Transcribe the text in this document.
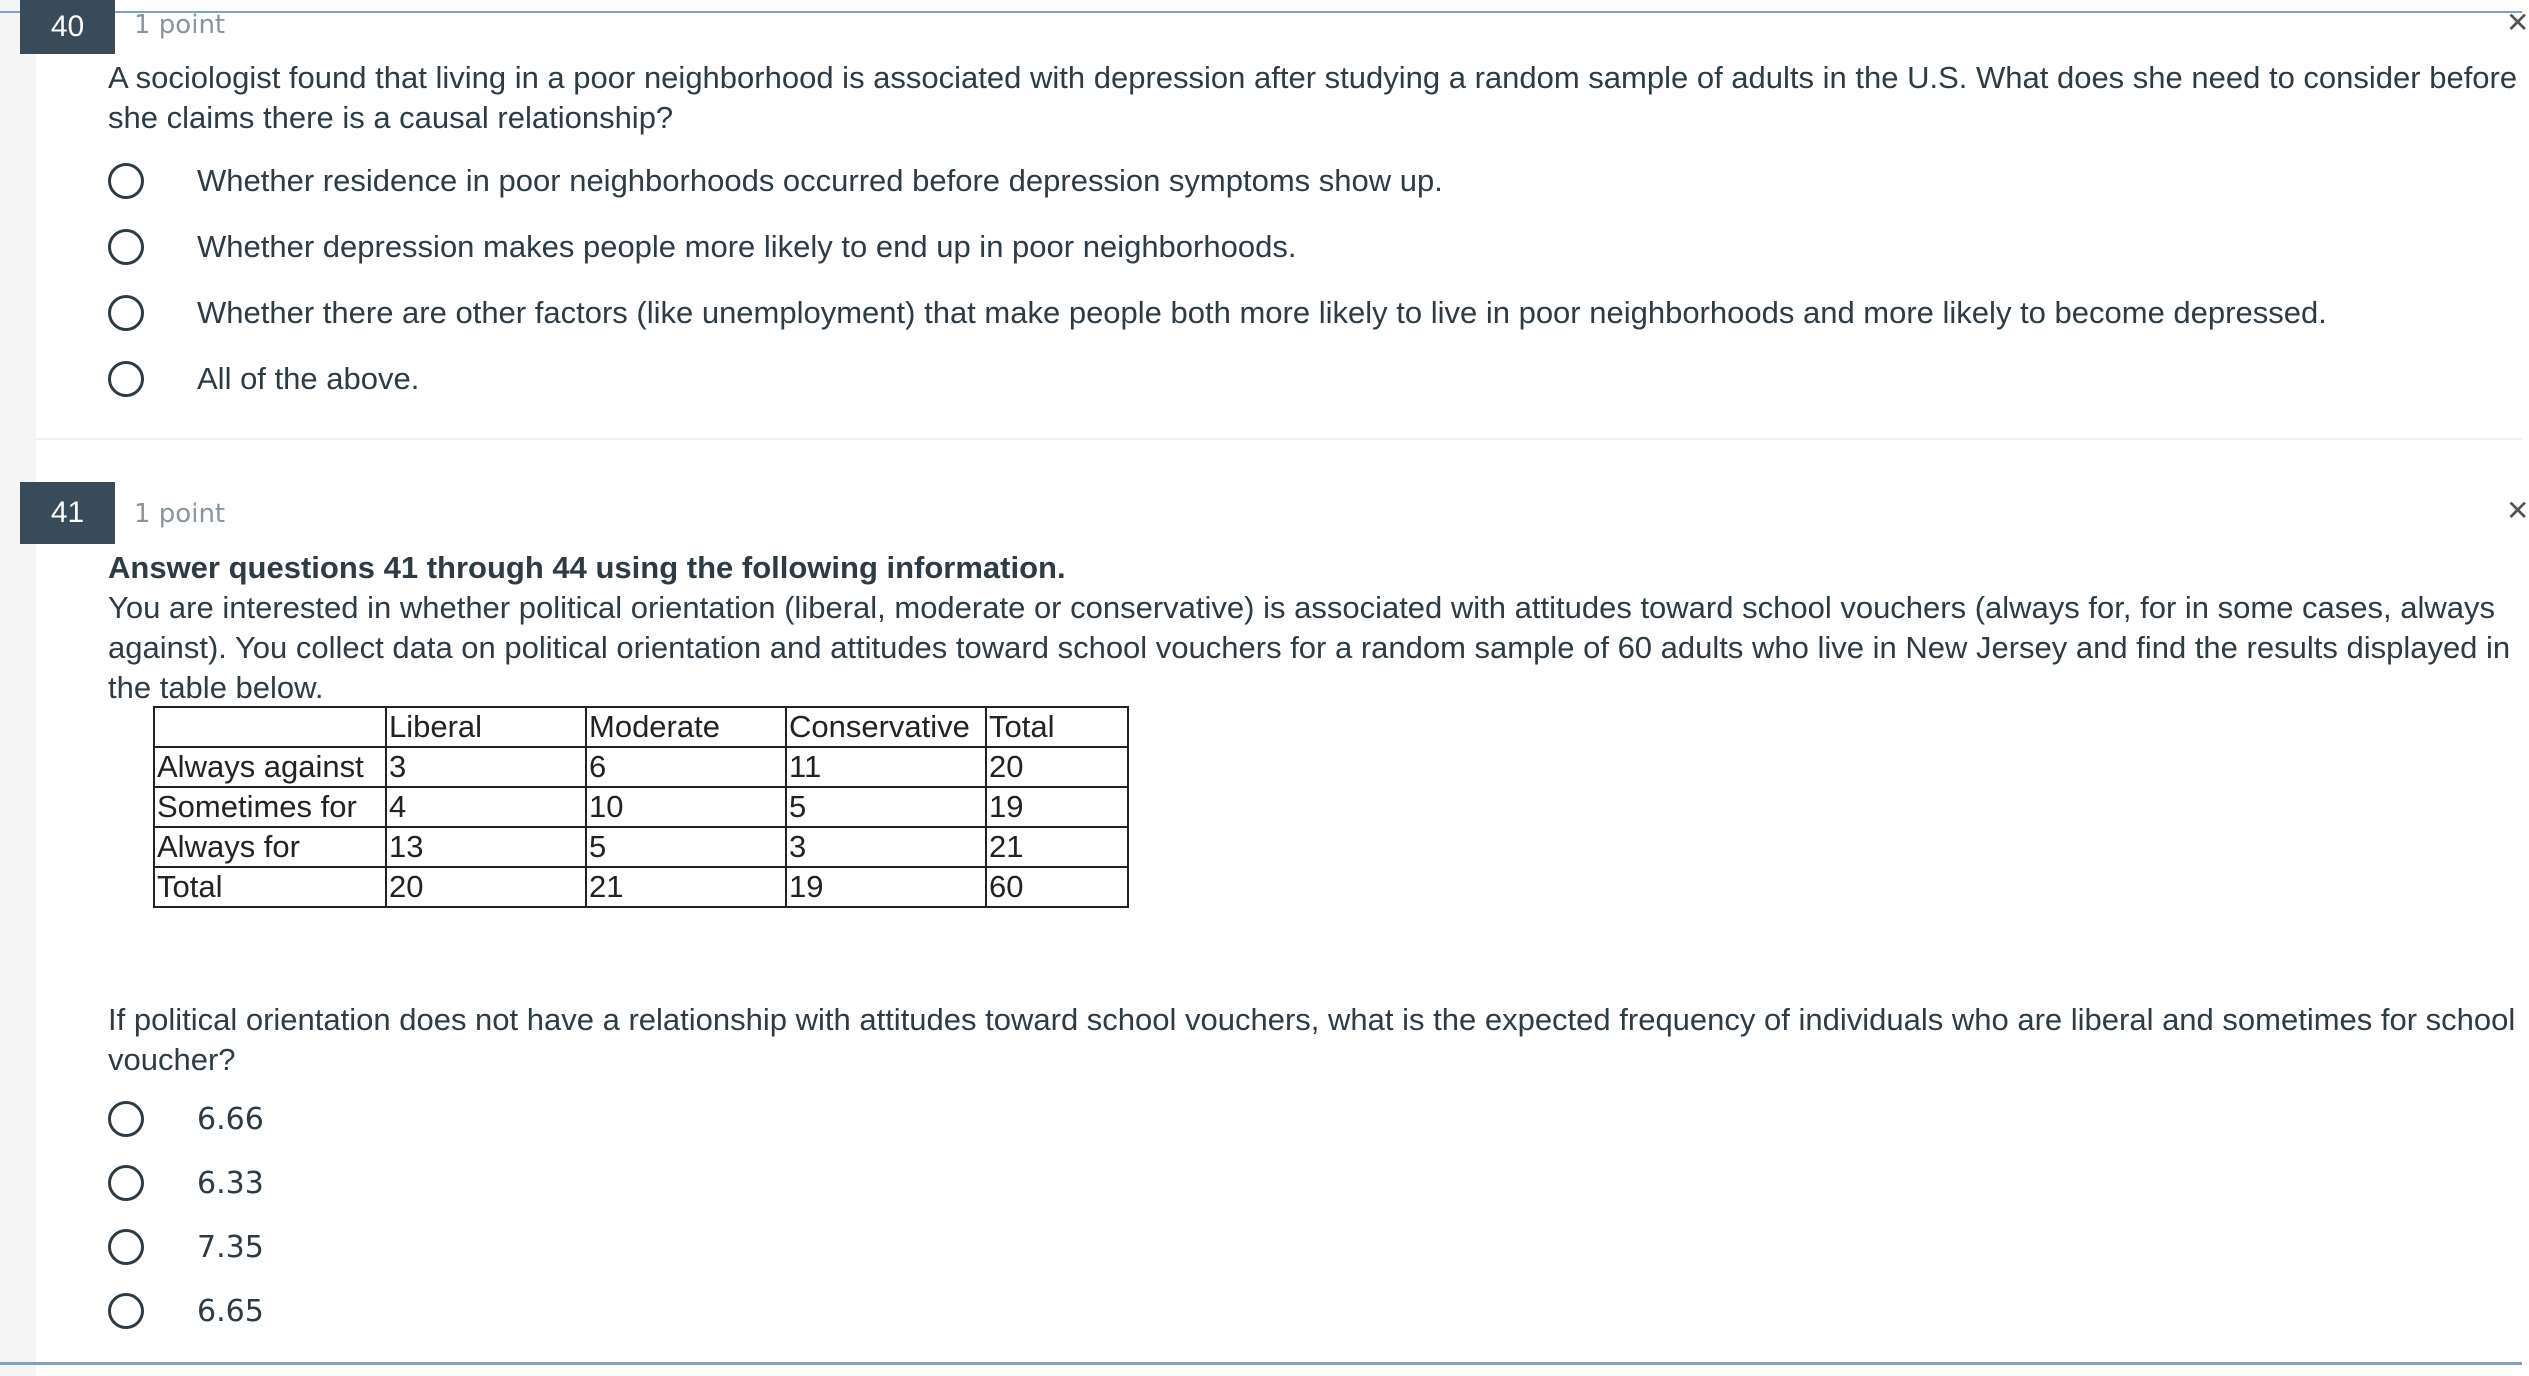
40	1 point	✕
A sociologist found that living in a poor neighborhood is associated with depression after studying a random sample of adults in the U.S. What does she need to consider before she claims there is a causal relationship?
Whether residence in poor neighborhoods occurred before depression symptoms show up.
Whether depression makes people more likely to end up in poor neighborhoods.
Whether there are other factors (like unemployment) that make people both more likely to live in poor neighborhoods and more likely to become depressed.
All of the above.
41	1 point	✕
Answer questions 41 through 44 using the following information.
You are interested in whether political orientation (liberal, moderate or conservative) is associated with attitudes toward school vouchers (always for, for in some cases, always against). You collect data on political orientation and attitudes toward school vouchers for a random sample of 60 adults who live in New Jersey and find the results displayed in the table below.
	Liberal	Moderate	Conservative	Total
Always against	3	6	11	20
Sometimes for	4	10	5	19
Always for	13	5	3	21
Total	20	21	19	60
If political orientation does not have a relationship with attitudes toward school vouchers, what is the expected frequency of individuals who are liberal and sometimes for school voucher?
6.66
6.33
7.35
6.65
